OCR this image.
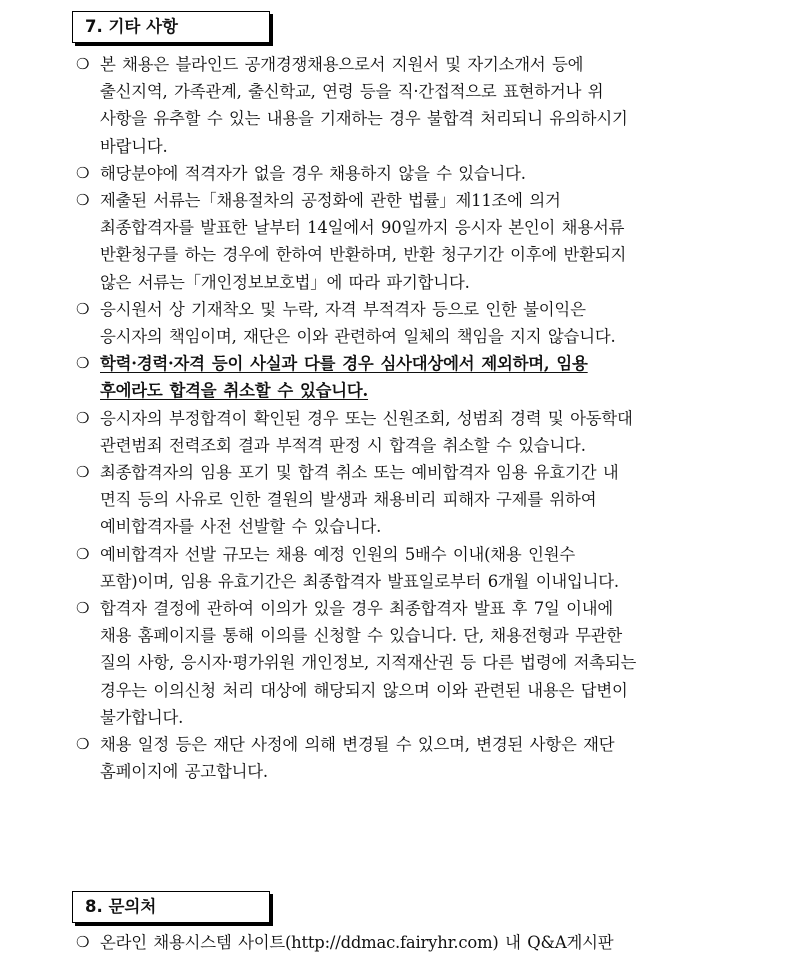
7. 기타 사항
❍ 본 채용은 블라인드 공개경쟁채용으로서 지원서 및 자기소개서 등에
출신지역, 가족관계, 출신학교, 연령 등을 직·간접적으로 표현하거나 위
사항을 유추할 수 있는 내용을 기재하는 경우 불합격 처리되니 유의하시기
바랍니다.
❍ 해당분야에 적격자가 없을 경우 채용하지 않을 수 있습니다.
❍ 제출된 서류는「채용절차의 공정화에 관한 법률」제11조에 의거
최종합격자를 발표한 날부터 14일에서 90일까지 응시자 본인이 채용서류
반환청구를 하는 경우에 한하여 반환하며, 반환 청구기간 이후에 반환되지
않은 서류는「개인정보보호법」에 따라 파기합니다.
❍ 응시원서 상 기재착오 및 누락, 자격 부적격자 등으로 인한 불이익은
응시자의 책임이며, 재단은 이와 관련하여 일체의 책임을 지지 않습니다.
❍ 학력·경력·자격 등이 사실과 다를 경우 심사대상에서 제외하며, 임용
후에라도 합격을 취소할 수 있습니다.
❍ 응시자의 부정합격이 확인된 경우 또는 신원조회, 성범죄 경력 및 아동학대
관련범죄 전력조회 결과 부적격 판정 시 합격을 취소할 수 있습니다.
❍ 최종합격자의 임용 포기 및 합격 취소 또는 예비합격자 임용 유효기간 내
면직 등의 사유로 인한 결원의 발생과 채용비리 피해자 구제를 위하여
예비합격자를 사전 선발할 수 있습니다.
❍ 예비합격자 선발 규모는 채용 예정 인원의 5배수 이내(채용 인원수
포함)이며, 임용 유효기간은 최종합격자 발표일로부터 6개월 이내입니다.
❍ 합격자 결정에 관하여 이의가 있을 경우 최종합격자 발표 후 7일 이내에
채용 홈페이지를 통해 이의를 신청할 수 있습니다. 단, 채용전형과 무관한
질의 사항, 응시자·평가위원 개인정보, 지적재산권 등 다른 법령에 저촉되는
경우는 이의신청 처리 대상에 해당되지 않으며 이와 관련된 내용은 답변이
불가합니다.
❍ 채용 일정 등은 재단 사정에 의해 변경될 수 있으며, 변경된 사항은 재단
홈페이지에 공고합니다.
8. 문의처
❍ 온라인 채용시스템 사이트(http://ddmac.fairyhr.com) 내 Q&A게시판
